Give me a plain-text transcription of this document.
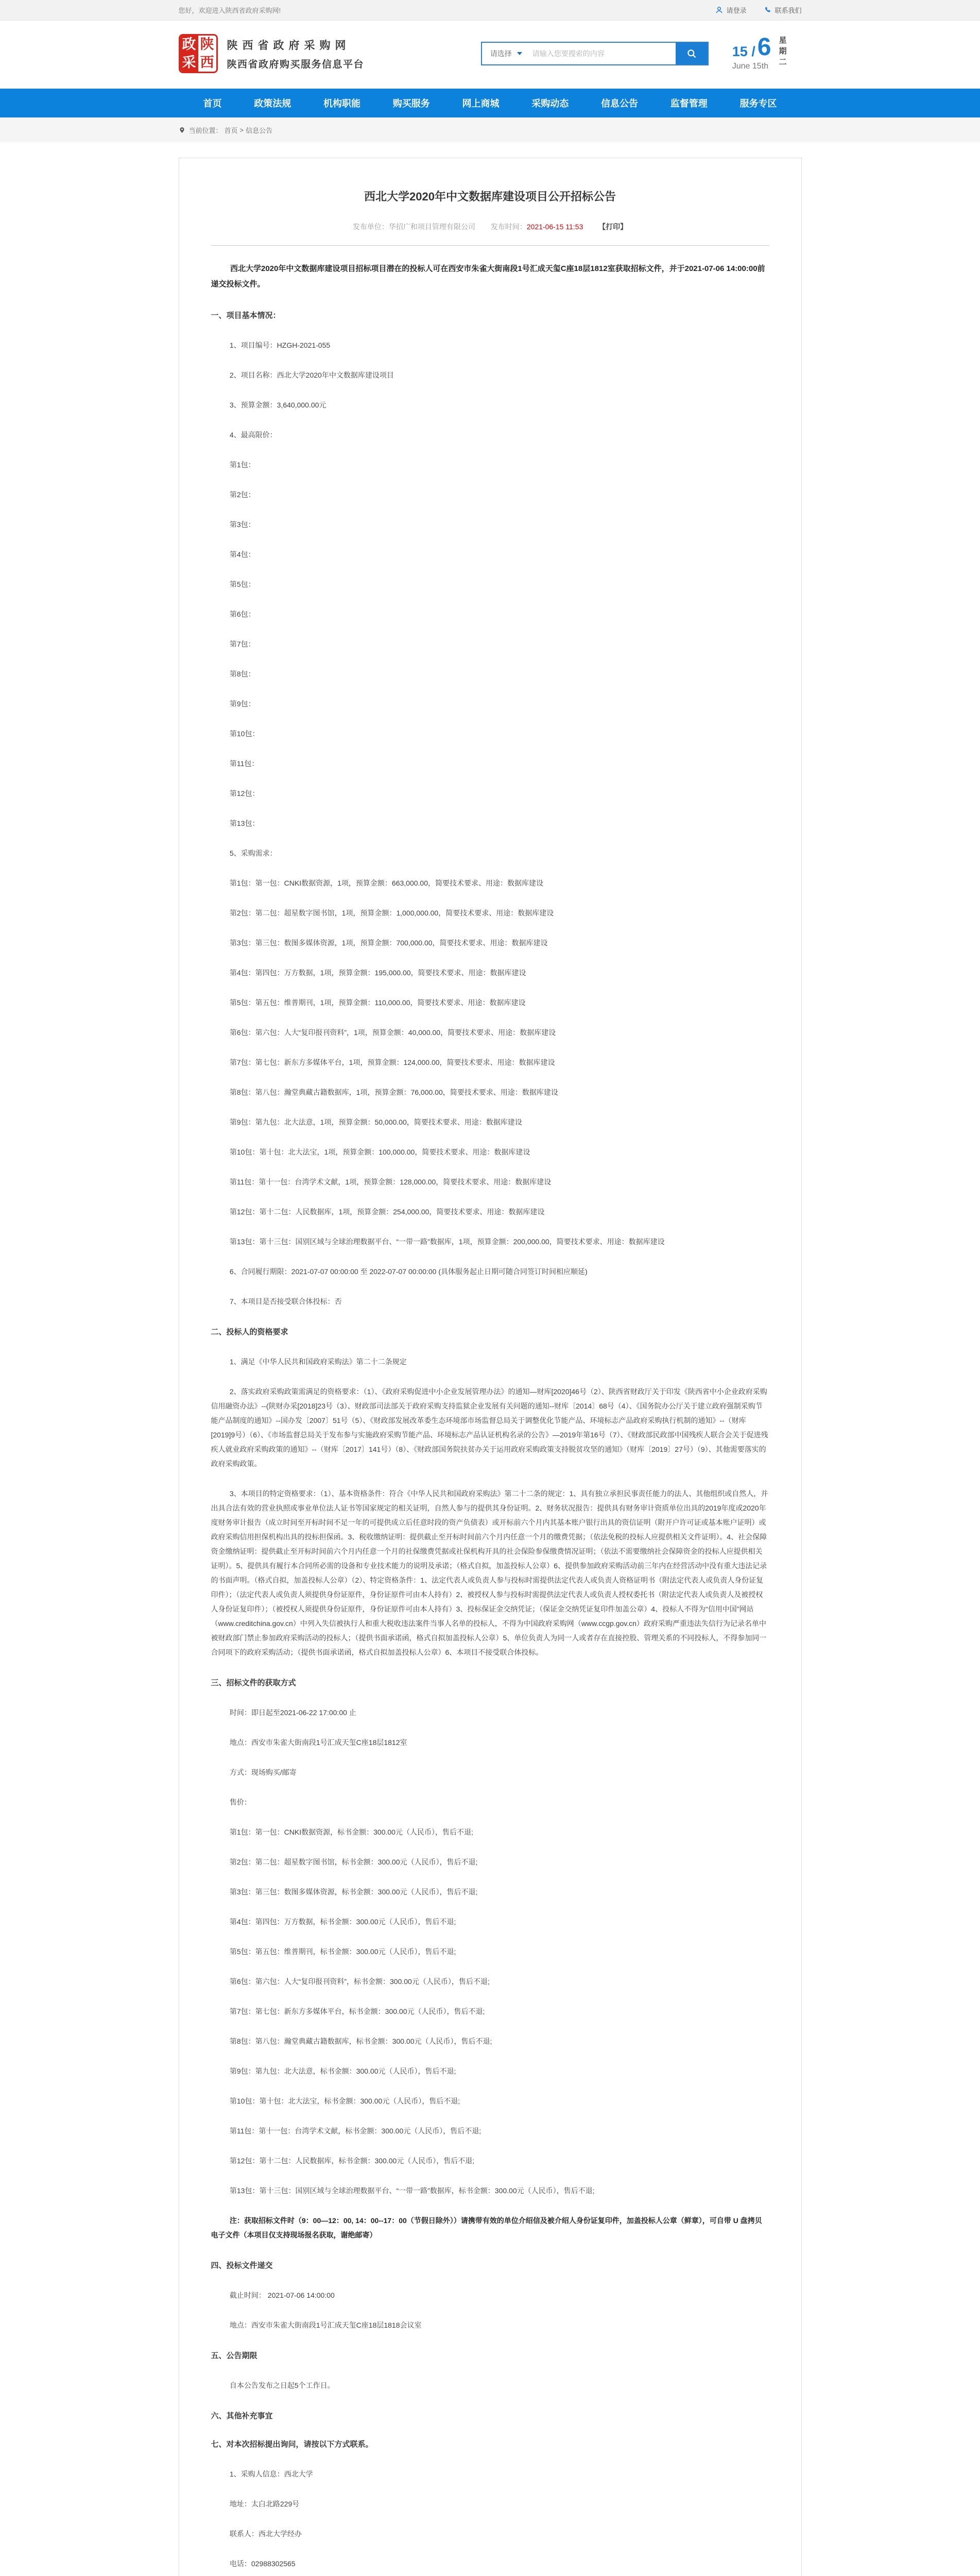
您好，欢迎进入陕西省政府采购网!	请登录	联系我们
政 陕
采 西
陕西省政府采购网
陕西省政府购买服务信息平台
请选择
请输入您要搜索的内容	15 / 6
June 15th	星期二
首页	政策法规	机构职能	购买服务	网上商城	采购动态	信息公告	监督管理	服务专区
当前位置： 首页 > 信息公告
西北大学2020年中文数据库建设项目公开招标公告
发布单位：华招广和项目管理有限公司 发布时间：2021-06-15 11:53 【打印】

西北大学2020年中文数据库建设项目招标项目潜在的投标人可在西安市朱雀大街南段1号汇成天玺C座18层1812室获取招标文件，并于2021-07-06 14:00:00前递交投标文件。

一、项目基本情况：
1、项目编号：HZGH-2021-055
2、项目名称：西北大学2020年中文数据库建设项目
3、预算金额：3,640,000.00元
4、最高限价：
第1包：
第2包：
第3包：
第4包：
第5包：
第6包：
第7包：
第8包：
第9包：
第10包：
第11包：
第12包：
第13包：
5、采购需求：
第1包：第一包：CNKI数据资源，1项，预算金额：663,000.00，简要技术要求、用途：数据库建设
第2包：第二包：超星数字图书馆，1项，预算金额：1,000,000.00，简要技术要求、用途：数据库建设
第3包：第三包：数图多媒体资源，1项，预算金额：700,000.00，简要技术要求、用途：数据库建设
第4包：第四包：万方数据，1项，预算金额：195,000.00，简要技术要求、用途：数据库建设
第5包：第五包：维普期刊，1项，预算金额：110,000.00，简要技术要求、用途：数据库建设
第6包：第六包：人大“复印报刊资料”，1项，预算金额：40,000.00，简要技术要求、用途：数据库建设
第7包：第七包：新东方多媒体平台，1项，预算金额：124,000.00，简要技术要求、用途：数据库建设
第8包：第八包：瀚堂典藏古籍数据库，1项，预算金额：76,000.00，简要技术要求、用途：数据库建设
第9包：第九包：北大法意，1项，预算金额：50,000.00，简要技术要求、用途：数据库建设
第10包：第十包：北大法宝，1项，预算金额：100,000.00，简要技术要求、用途：数据库建设
第11包：第十一包：台湾学术文献，1项，预算金额：128,000.00，简要技术要求、用途：数据库建设
第12包：第十二包：人民数据库，1项，预算金额：254,000.00，简要技术要求、用途：数据库建设
第13包：第十三包：国别区域与全球治理数据平台、“一带一路”数据库，1项，预算金额：200,000.00，简要技术要求、用途：数据库建设
6、合同履行期限：2021-07-07 00:00:00 至 2022-07-07 00:00:00 (具体服务起止日期可随合同签订时间相应顺延)
7、本项目是否接受联合体投标：否
二、投标人的资格要求
1、满足《中华人民共和国政府采购法》第二十二条规定
2、落实政府采购政策需满足的资格要求：（1）、《政府采购促进中小企业发展管理办法》的通知—财库[2020]46号（2）、陕西省财政厅关于印发《陕西省中小企业政府采购信用融资办法》--(陕财办采[2018]23号（3）、财政部司法部关于政府采购支持监狱企业发展有关问题的通知--财库〔2014〕68号（4）、《国务院办公厅关于建立政府强制采购节能产品制度的通知》--国办发〔2007〕51号（5）、《财政部发展改革委生态环境部市场监督总局关于调整优化节能产品、环境标志产品政府采购执行机制的通知》--（财库[2019]9号）（6）、《市场监督总局关于发布参与实施政府采购节能产品、环境标志产品认证机构名录的公告》—2019年第16号（7）、《财政部民政部中国残疾人联合会关于促进残疾人就业政府采购政策的通知》--（财库〔2017〕141号）（8）、《财政部国务院扶贫办关于运用政府采购政策支持脱贫攻坚的通知》（财库〔2019〕27号）（9）、其他需要落实的政府采购政策。
3、本项目的特定资格要求：（1）、基本资格条件：符合《中华人民共和国政府采购法》第二十二条的规定：1、具有独立承担民事责任能力的法人、其他组织或自然人，并出具合法有效的营业执照或事业单位法人证书等国家规定的相关证明，自然人参与的提供其身份证明。2、财务状况报告：提供具有财务审计资质单位出具的2019年度或2020年度财务审计报告（成立时间至开标时间不足一年的可提供成立后任意时段的资产负债表）或开标前六个月内其基本账户银行出具的资信证明（附开户许可证或基本账户证明）或政府采购信用担保机构出具的投标担保函。3、税收缴纳证明：提供截止至开标时间前六个月内任意一个月的缴费凭据；（依法免税的投标人应提供相关文件证明）。4、社会保障资金缴纳证明：提供截止至开标时间前六个月内任意一个月的社保缴费凭据或社保机构开具的社会保险参保缴费情况证明；（依法不需要缴纳社会保障资金的投标人应提供相关证明）。5、提供具有履行本合同所必需的设备和专业技术能力的说明及承诺；（格式自拟，加盖投标人公章）6、提供参加政府采购活动前三年内在经营活动中没有重大违法记录的书面声明。（格式自拟，加盖投标人公章）（2）、特定资格条件：1、法定代表人或负责人参与投标时需提供法定代表人或负责人资格证明书（附法定代表人或负责人身份证复印件）；（法定代表人或负责人须提供身份证原件，身份证原件可由本人持有）2、被授权人参与投标时需提供法定代表人或负责人授权委托书（附法定代表人或负责人及被授权人身份证复印件）；（被授权人须提供身份证原件，身份证原件可由本人持有）3、投标保证金交纳凭证；（保证金交纳凭证复印件加盖公章）4、投标人不得为“信用中国”网站（www.creditchina.gov.cn）中列入失信被执行人和重大税收违法案件当事人名单的投标人，不得为中国政府采购网（www.ccgp.gov.cn）政府采购严重违法失信行为记录名单中被财政部门禁止参加政府采购活动的投标人；（提供书面承诺函，格式自拟加盖投标人公章）5、单位负责人为同一人或者存在直接控股、管理关系的不同投标人，不得参加同一合同项下的政府采购活动；（提供书面承诺函，格式自拟加盖投标人公章）6、本项目不接受联合体投标。
三、招标文件的获取方式
时间：即日起至2021-06-22 17:00:00 止
地点：西安市朱雀大街南段1号汇成天玺C座18层1812室
方式：现场购买/邮寄
售价：
第1包：第一包：CNKI数据资源，标书金额：300.00元（人民币），售后不退;
第2包：第二包：超星数字图书馆，标书金额：300.00元（人民币），售后不退;
第3包：第三包：数图多媒体资源，标书金额：300.00元（人民币），售后不退;
第4包：第四包：万方数据，标书金额：300.00元（人民币），售后不退;
第5包：第五包：维普期刊，标书金额：300.00元（人民币），售后不退;
第6包：第六包：人大“复印报刊资料”，标书金额：300.00元（人民币），售后不退;
第7包：第七包：新东方多媒体平台，标书金额：300.00元（人民币），售后不退;
第8包：第八包：瀚堂典藏古籍数据库，标书金额：300.00元（人民币），售后不退;
第9包：第九包：北大法意，标书金额：300.00元（人民币），售后不退;
第10包：第十包：北大法宝，标书金额：300.00元（人民币），售后不退;
第11包：第十一包：台湾学术文献，标书金额：300.00元（人民币），售后不退;
第12包：第十二包：人民数据库，标书金额：300.00元（人民币），售后不退;
第13包：第十三包：国别区域与全球治理数据平台、“一带一路”数据库，标书金额：300.00元（人民币），售后不退;
注：获取招标文件时（9：00—12：00, 14：00--17：00（节假日除外））请携带有效的单位介绍信及被介绍人身份证复印件，加盖投标人公章（鲜章），可自带 U 盘拷贝电子文件（本项目仅支持现场报名获取，谢绝邮寄）
四、投标文件递交
截止时间： 2021-07-06 14:00:00
地点：西安市朱雀大街南段1号汇成天玺C座18层1818会议室
五、公告期限
自本公告发布之日起5个工作日。
六、其他补充事宜
七、对本次招标提出询问，请按以下方式联系。
1、采购人信息：西北大学
地址：太白北路229号
联系人：西北大学经办
电话：02988302565
